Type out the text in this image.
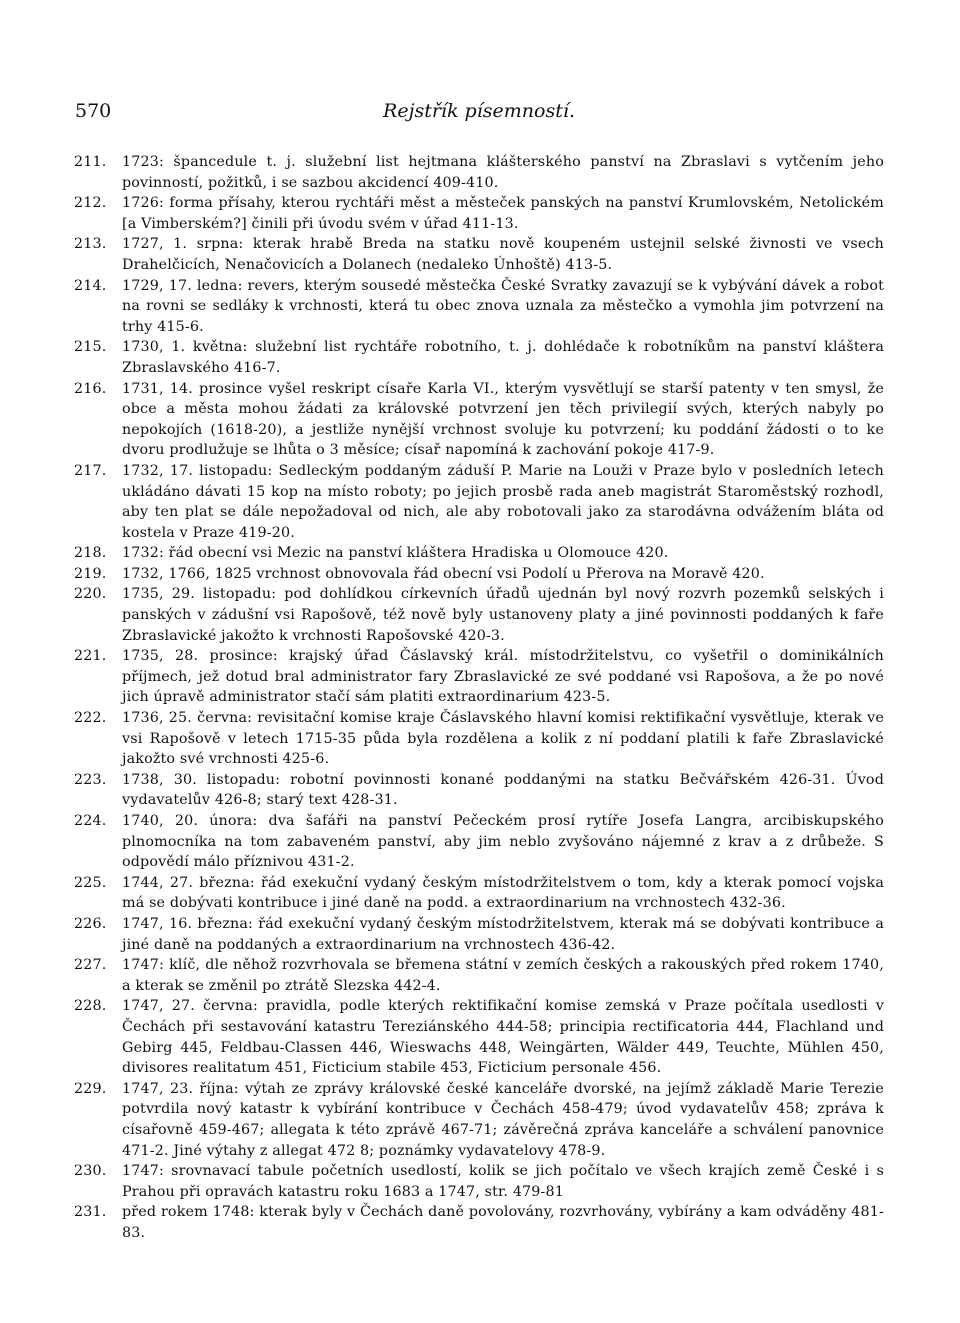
570	Rejstřík písemností.

211.	1723: špancedule t. j. služební list hejtmana klášterského panství na Zbraslavi s vytčením jeho povinností, požitků, i se sazbou akcidencí 409-410.

212.	1726: forma přísahy, kterou rychtáři měst a městeček panských na panství Krumlovském, Netolickém [a Vimberském?] činili při úvodu svém v úřad 411-13.

213.	1727, 1. srpna: kterak hrabě Breda na statku nově koupeném ustejnil selské živnosti ve vsech Drahelčicích, Nenačovicích a Dolanech (nedaleko Únhoště) 413-5.

214.	1729, 17. ledna: revers, kterým sousedé městečka České Svratky zavazují se k vybývání dávek a robot na rovni se sedláky k vrchnosti, která tu obec znova uznala za městečko a vymohla jim potvrzení na trhy 415-6.

215.	1730, 1. května: služební list rychtáře robotního, t. j. dohlédače k robotníkům na panství kláštera Zbraslavského 416-7.

216.	1731, 14. prosince vyšel reskript císaře Karla VI., kterým vysvětlují se starší patenty v ten smysl, že obce a města mohou žádati za královské potvrzení jen těch privilegií svých, kterých nabyly po nepokojích (1618-20), a jestliže nynější vrchnost svoluje ku potvrzení; ku poddání žádosti o to ke dvoru prodlužuje se lhůta o 3 měsíce; císař napomíná k zachování pokoje 417-9.

217.	1732, 17. listopadu: Sedleckým poddaným záduší P. Marie na Louži v Praze bylo v posledních letech ukládáno dávati 15 kop na místo roboty; po jejich prosbě rada aneb magistrát Staroměstský rozhodl, aby ten plat se dále nepožadoval od nich, ale aby robotovali jako za starodávna odvážením bláta od kostela v Praze 419-20.

218.	1732: řád obecní vsi Mezic na panství kláštera Hradiska u Olomouce 420.

219.	1732, 1766, 1825 vrchnost obnovovala řád obecní vsi Podolí u Přerova na Moravě 420.

220.	1735, 29. listopadu: pod dohlídkou církevních úřadů ujednán byl nový rozvrh pozemků selských i panských v zádušní vsi Rapošově, též nově byly ustanoveny platy a jiné povinnosti poddaných k faře Zbraslavické jakožto k vrchnosti Rapošovské 420-3.

221.	1735, 28. prosince: krajský úřad Čáslavský král. místodržitelstvu, co vyšetřil o dominikálních příjmech, jež dotud bral administrator fary Zbraslavické ze své poddané vsi Rapošova, a že po nové jich úpravě administrator stačí sám platiti extraordinarium 423-5.

222.	1736, 25. června: revisitační komise kraje Čáslavského hlavní komisi rektifikační vysvětluje, kterak ve vsi Rapošově v letech 1715-35 půda byla rozdělena a kolik z ní poddaní platili k faře Zbraslavické jakožto své vrchnosti 425-6.

223.	1738, 30. listopadu: robotní povinnosti konané poddanými na statku Bečvářském 426-31. Úvod vydavatelův 426-8; starý text 428-31.

224.	1740, 20. února: dva šafáři na panství Pečeckém prosí rytíře Josefa Langra, arcibiskupského plnomocníka na tom zabaveném panství, aby jim neblo zvyšováno nájemné z krav a z drůbeže. S odpovědí málo příznivou 431-2.

225.	1744, 27. března: řád exekuční vydaný českým místodržitelstvem o tom, kdy a kterak pomocí vojska má se dobývati kontribuce i jiné daně na podd. a extraordinarium na vrchnostech 432-36.

226.	1747, 16. března: řád exekuční vydaný českým místodržitelstvem, kterak má se dobývati kontribuce a jiné daně na poddaných a extraordinarium na vrchnostech 436-42.

227.	1747: klíč, dle něhož rozvrhovala se břemena státní v zemích českých a rakouských před rokem 1740, a kterak se změnil po ztrátě Slezska 442-4.

228.	1747, 27. června: pravidla, podle kterých rektifikační komise zemská v Praze počítala usedlosti v Čechách při sestavování katastru Tereziánského 444-58; principia rectificatoria 444, Flachland und Gebirg 445, Feldbau-Classen 446, Wieswachs 448, Weingärten, Wälder 449, Teuchte, Mühlen 450, divisores realitatum 451, Ficticium stabile 453, Ficticium personale 456.

229.	1747, 23. října: výtah ze zprávy královské české kanceláře dvorské, na jejímž základě Marie Terezie potvrdila nový katastr k vybírání kontribuce v Čechách 458-479; úvod vydavatelův 458; zpráva k císařovně 459-467; allegata k této zprávě 467-71; závěrečná zpráva kanceláře a schválení panovnice 471-2. Jiné výtahy z allegat 472 8; poznámky vydavatelovy 478-9.

230.	1747: srovnavací tabule početních usedlostí, kolik se jich počítalo ve všech krajích země České i s Prahou při opravách katastru roku 1683 a 1747, str. 479-81

231.	před rokem 1748: kterak byly v Čechách daně povolovány, rozvrhovány, vybírány a kam odváděny 481-83.
